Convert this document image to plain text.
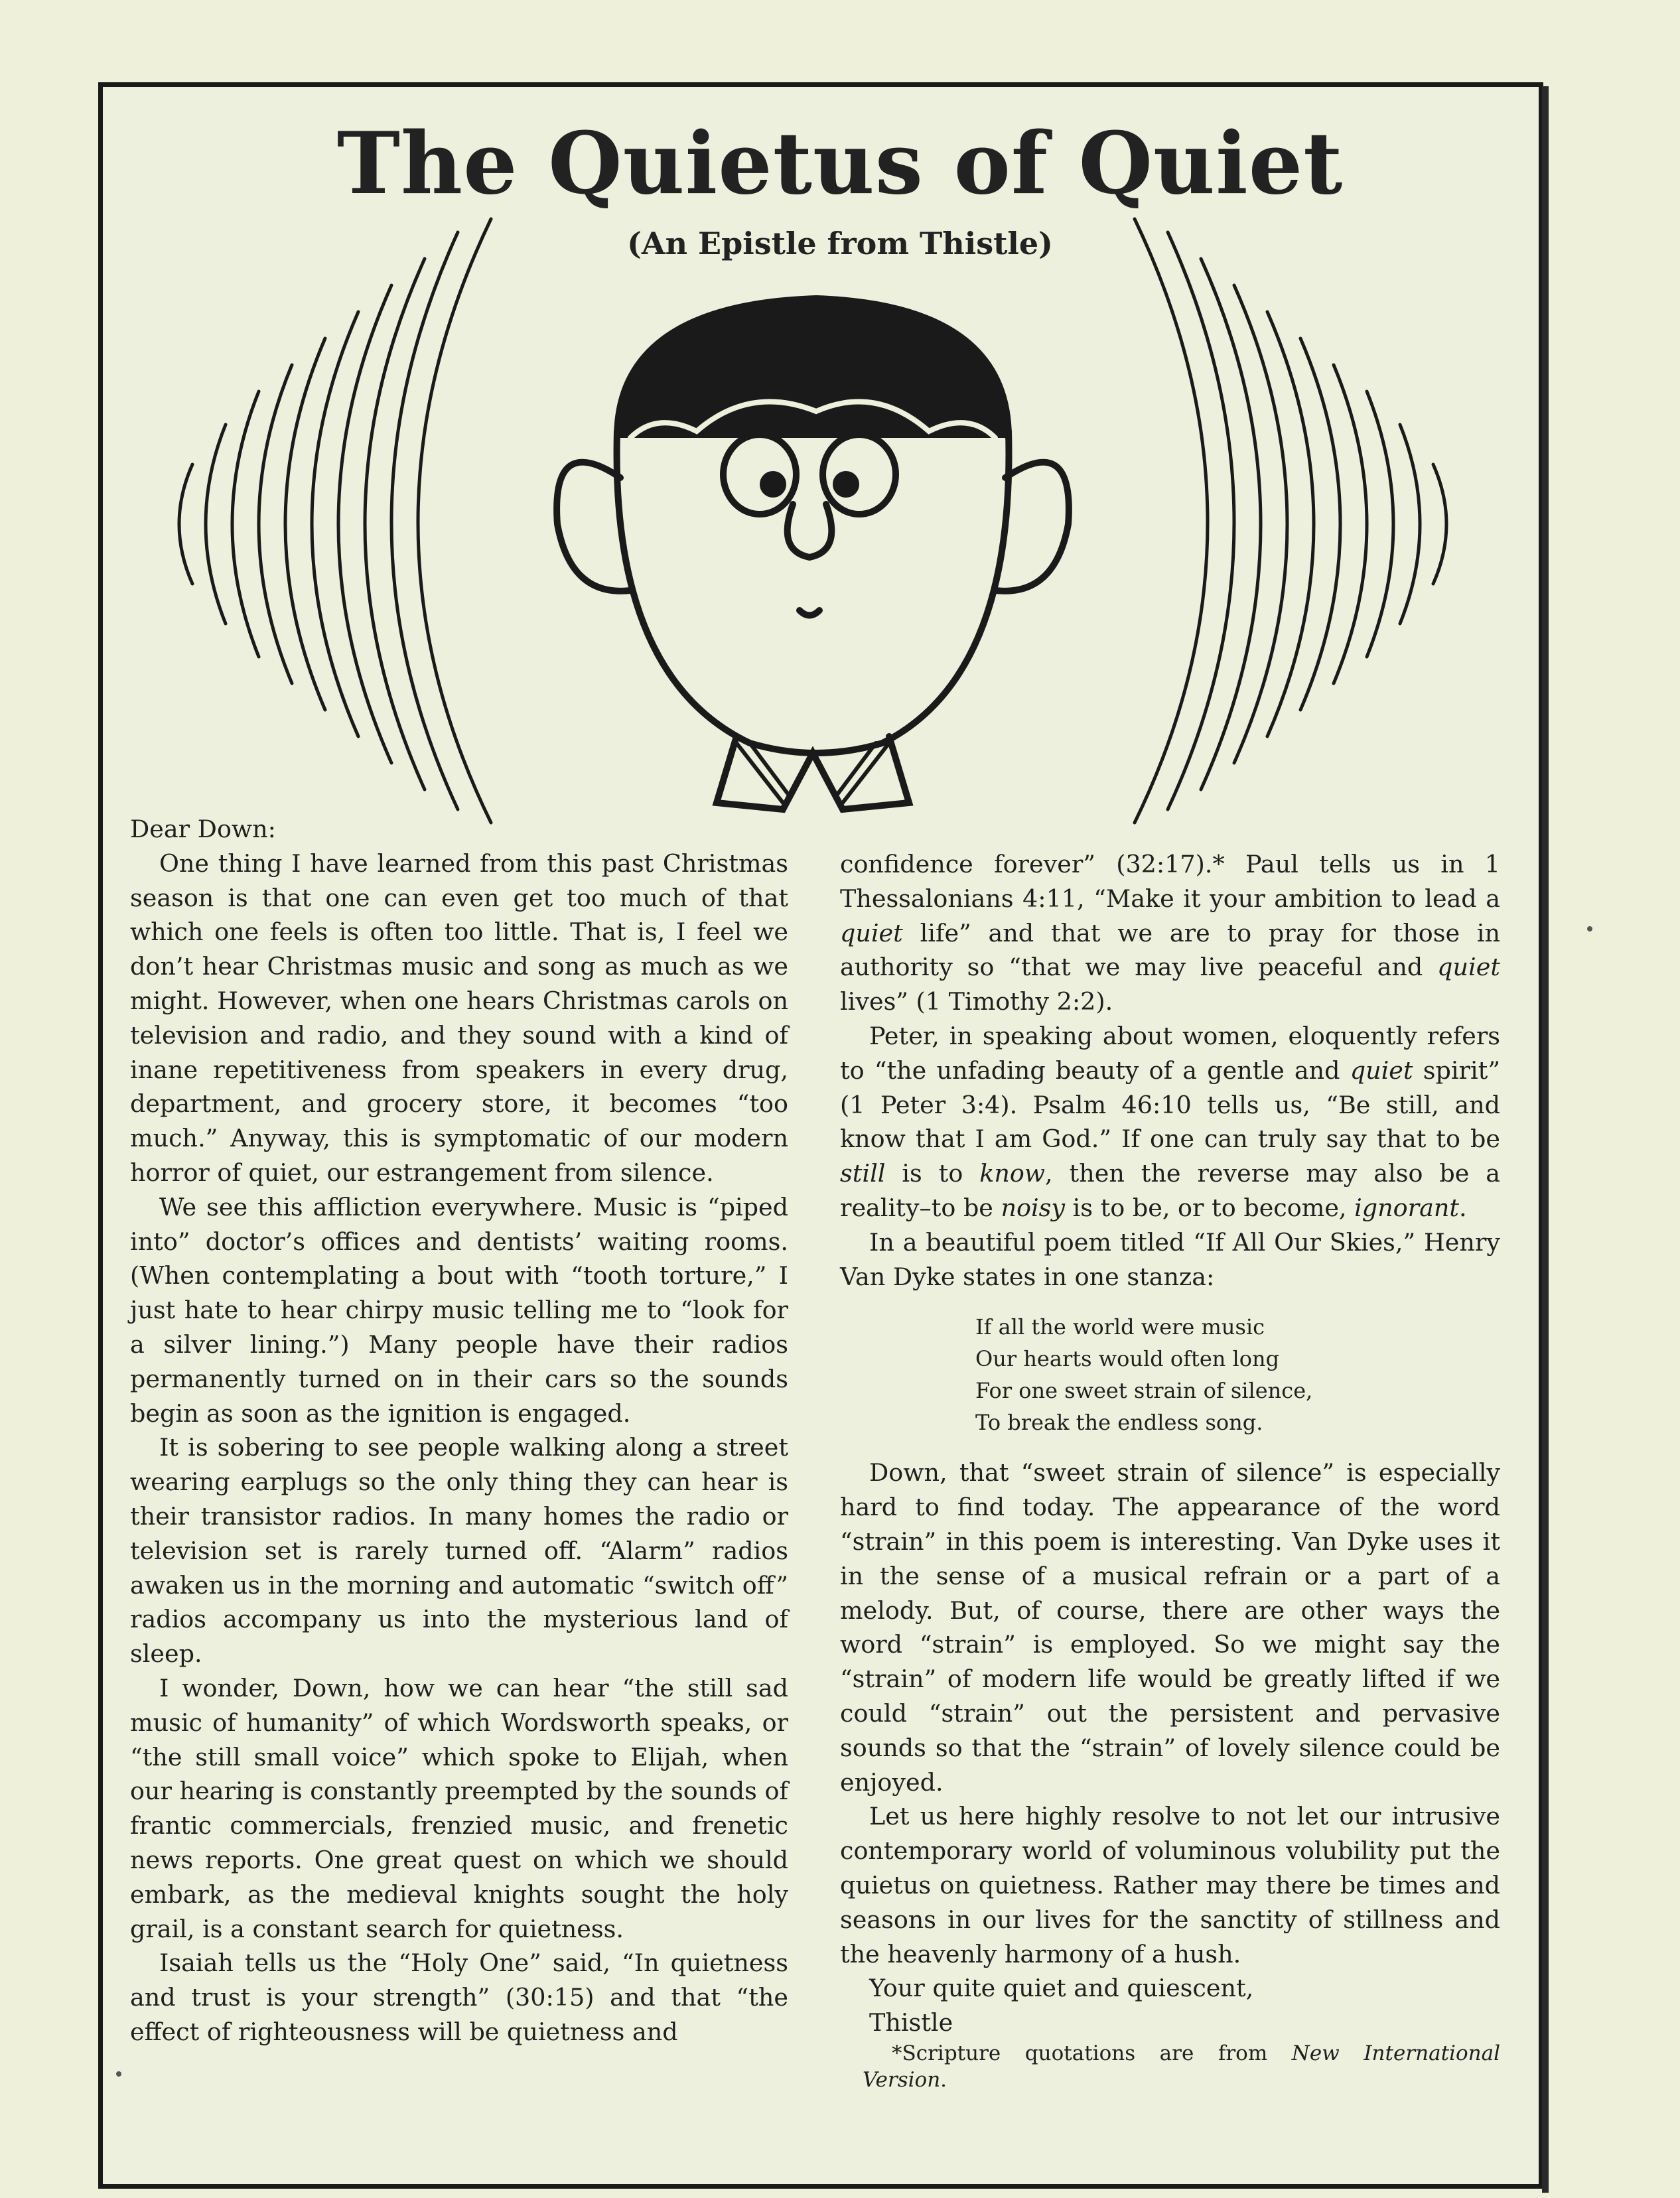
The Quietus of Quiet
(An Epistle from Thistle)

Dear Down:

One thing I have learned from this past Christmas season is that one can even get too much of that which one feels is often too little. That is, I feel we don’t hear Christmas music and song as much as we might. However, when one hears Christmas carols on television and radio, and they sound with a kind of inane repetitiveness from speakers in every drug, department, and grocery store, it becomes “too much.” Anyway, this is symptomatic of our modern horror of quiet, our estrangement from silence.

We see this affliction everywhere. Music is “piped into” doctor’s offices and dentists’ waiting rooms. (When contemplating a bout with “tooth torture,” I just hate to hear chirpy music telling me to “look for a silver lining.”) Many people have their radios permanently turned on in their cars so the sounds begin as soon as the ignition is engaged.

It is sobering to see people walking along a street wearing earplugs so the only thing they can hear is their transistor radios. In many homes the radio or television set is rarely turned off. “Alarm” radios awaken us in the morning and automatic “switch off” radios accompany us into the mysterious land of sleep.

I wonder, Down, how we can hear “the still sad music of humanity” of which Wordsworth speaks, or “the still small voice” which spoke to Elijah, when our hearing is constantly preempted by the sounds of frantic commercials, frenzied music, and frenetic news reports. One great quest on which we should embark, as the medieval knights sought the holy grail, is a constant search for quietness.

Isaiah tells us the “Holy One” said, “In quietness and trust is your strength” (30:15) and that “the effect of righteousness will be quietness and

confidence forever” (32:17).* Paul tells us in 1 Thessalonians 4:11, “Make it your ambition to lead a quiet life” and that we are to pray for those in authority so “that we may live peaceful and quiet lives” (1 Timothy 2:2).

Peter, in speaking about women, eloquently refers to “the unfading beauty of a gentle and quiet spirit” (1 Peter 3:4). Psalm 46:10 tells us, “Be still, and know that I am God.” If one can truly say that to be still is to know, then the reverse may also be a reality–to be noisy is to be, or to become, ignorant.

In a beautiful poem titled “If All Our Skies,” Henry Van Dyke states in one stanza:

If all the world were music
Our hearts would often long
For one sweet strain of silence,
To break the endless song.

Down, that “sweet strain of silence” is especially hard to find today. The appearance of the word “strain” in this poem is interesting. Van Dyke uses it in the sense of a musical refrain or a part of a melody. But, of course, there are other ways the word “strain” is employed. So we might say the “strain” of modern life would be greatly lifted if we could “strain” out the persistent and pervasive sounds so that the “strain” of lovely silence could be enjoyed.

Let us here highly resolve to not let our intrusive contemporary world of voluminous volubility put the quietus on quietness. Rather may there be times and seasons in our lives for the sanctity of stillness and the heavenly harmony of a hush.

Your quite quiet and quiescent,

Thistle

*Scripture quotations are from New International Version.
